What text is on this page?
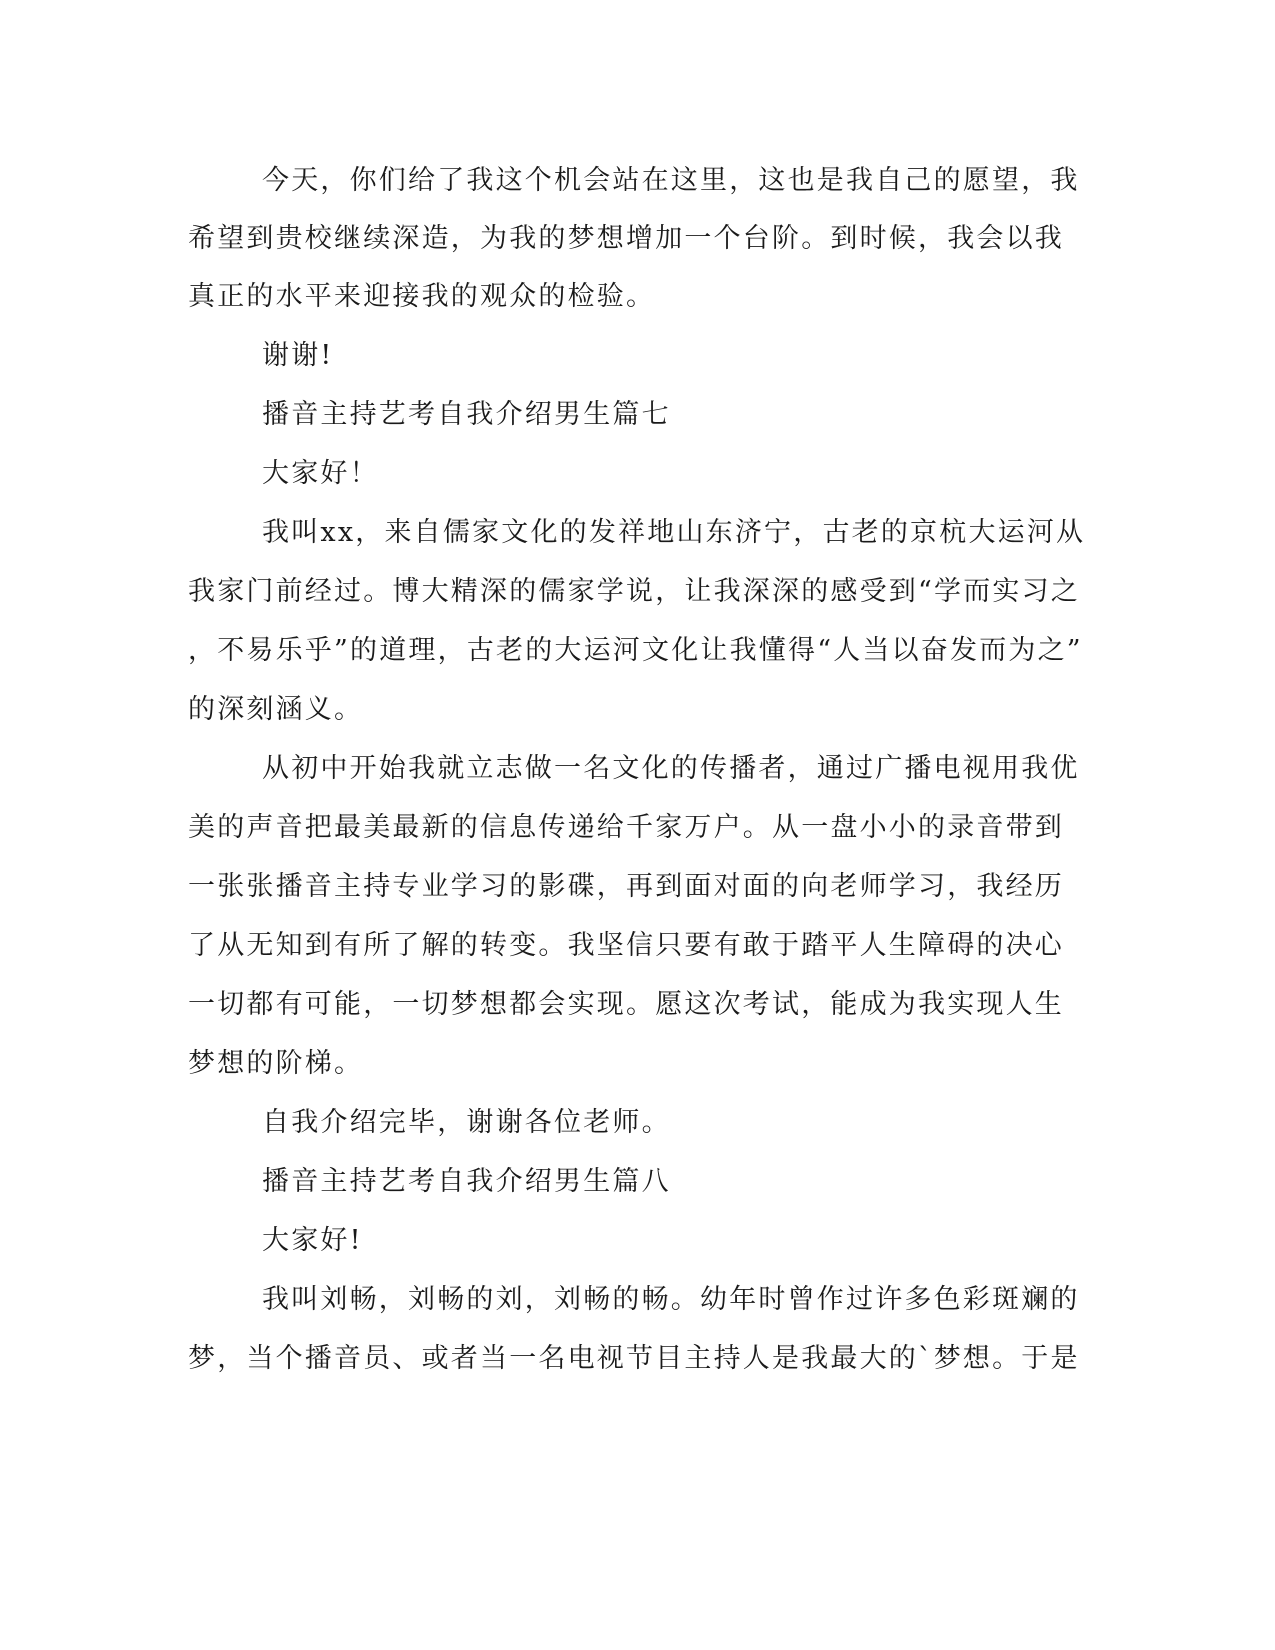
今天，你们给了我这个机会站在这里，这也是我自己的愿望，我
希望到贵校继续深造，为我的梦想增加一个台阶。到时候，我会以我
真正的水平来迎接我的观众的检验。
谢谢!
播音主持艺考自我介绍男生篇七
大家好！
我叫xx，来自儒家文化的发祥地山东济宁，古老的京杭大运河从
我家门前经过。博大精深的儒家学说，让我深深的感受到“学而实习之
，不易乐乎”的道理，古老的大运河文化让我懂得“人当以奋发而为之”
的深刻涵义。
从初中开始我就立志做一名文化的传播者，通过广播电视用我优
美的声音把最美最新的信息传递给千家万户。从一盘小小的录音带到
一张张播音主持专业学习的影碟，再到面对面的向老师学习，我经历
了从无知到有所了解的转变。我坚信只要有敢于踏平人生障碍的决心
一切都有可能，一切梦想都会实现。愿这次考试，能成为我实现人生
梦想的阶梯。
自我介绍完毕，谢谢各位老师。
播音主持艺考自我介绍男生篇八
大家好!
我叫刘畅，刘畅的刘，刘畅的畅。幼年时曾作过许多色彩斑斓的
梦，当个播音员、或者当一名电视节目主持人是我最大的`梦想。于是
